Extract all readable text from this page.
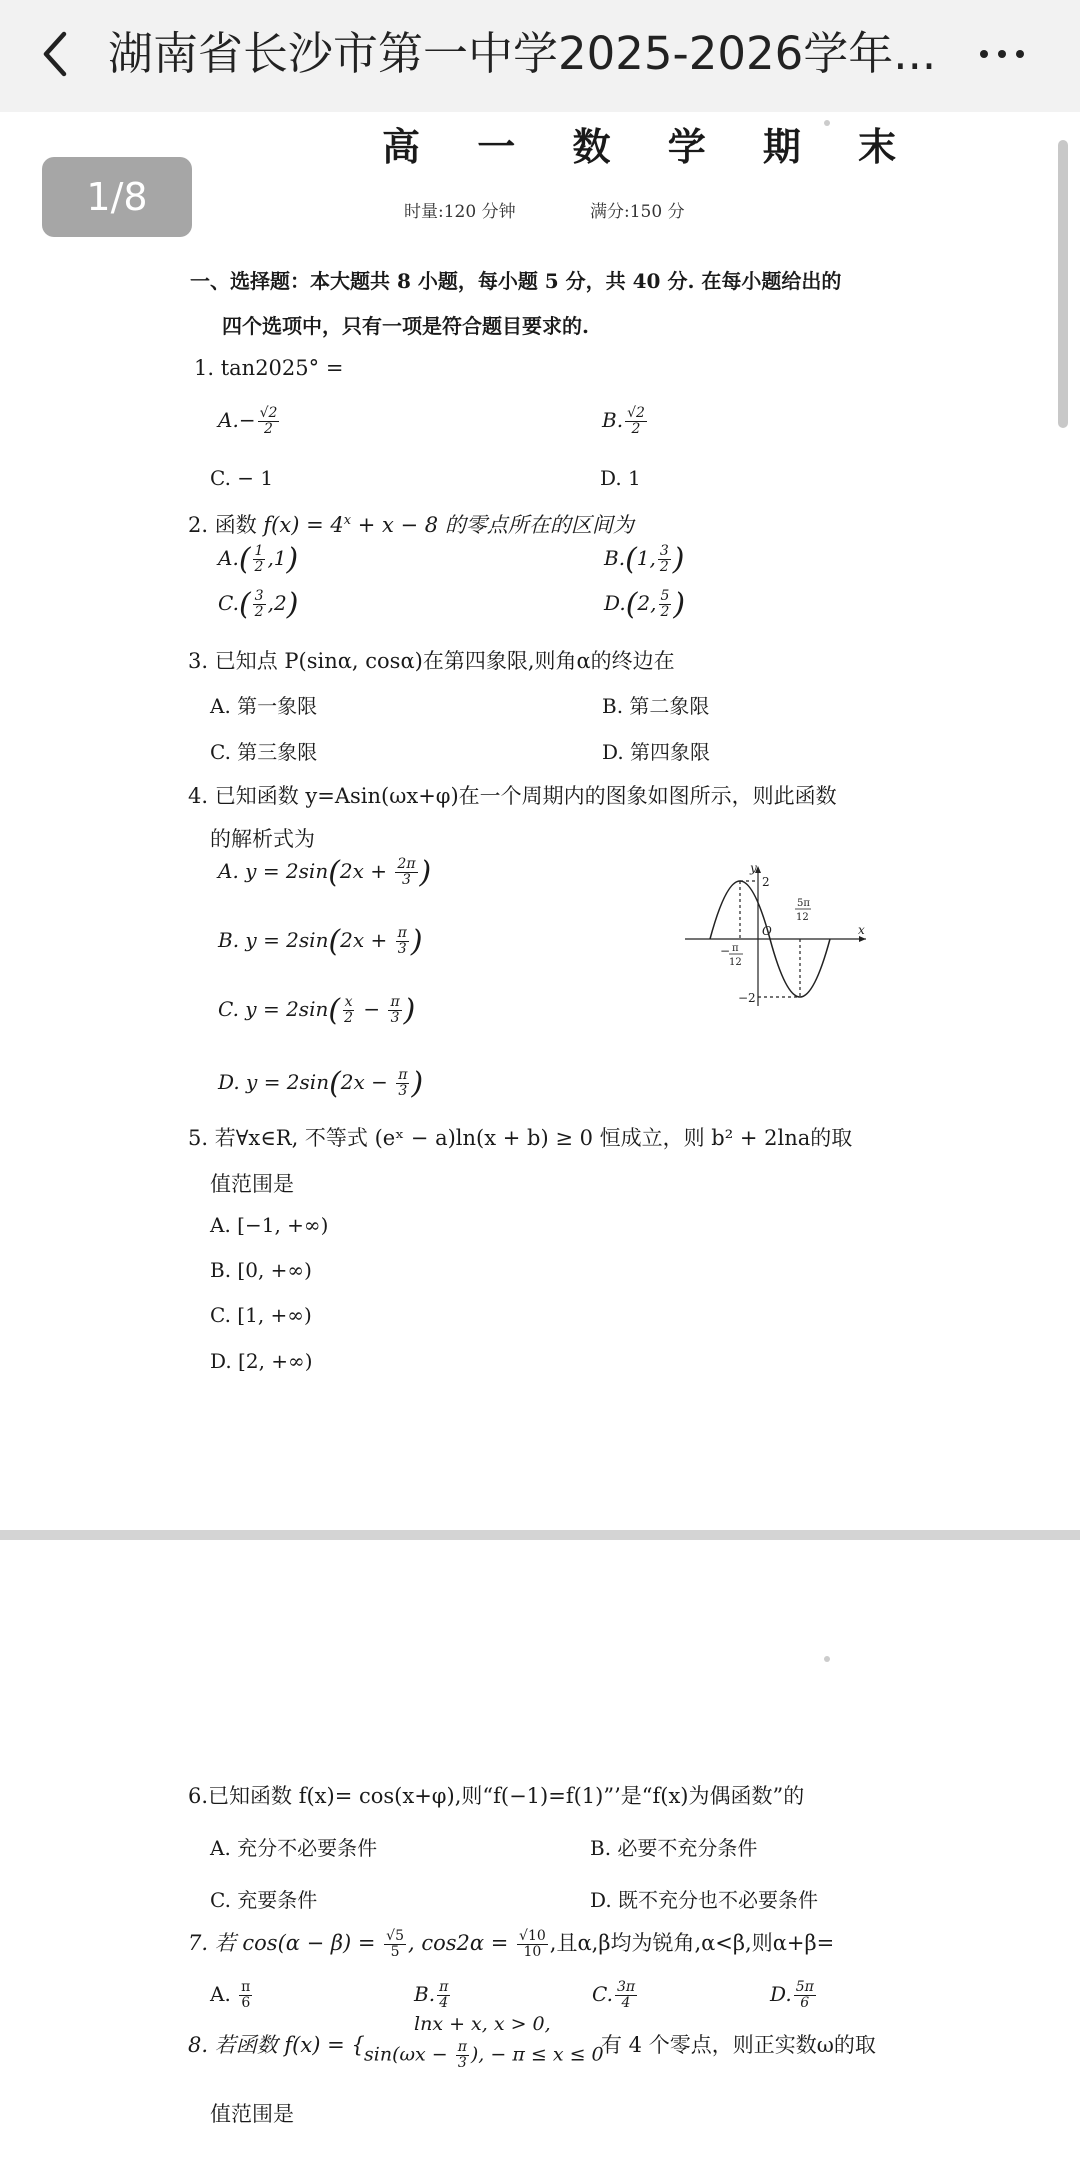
湖南省长沙市第一中学2025-2026学年...
高 一 数 学 期 末
时量:120 分钟	满分:150 分
一、选择题：本大题共 8 小题，每小题 5 分，共 40 分. 在每小题给出的
四个选项中，只有一项是符合题目要求的.
1. tan2025° =
$A.- \frac{√2}{2}$	B. $\frac{√2}{2}$
C. − 1	D. 1
2. 函数 $f(x) = 4^x + x - 8$ 的零点所在的区间为
$A.( \frac{1}{2} ,1)$	B.(1, $\frac{3}{2}$ )
$C.( \frac{3}{2} ,2)$	D.(2, $\frac{5}{2}$ )
3. 已知点 P(sinα, cosα)在第四象限,则角α的终边在
A. 第一象限	B. 第二象限
C. 第三象限	D. 第四象限
4. 已知函数 y=Asin(ωx+φ)在一个周期内的图象如图所示，则此函数
的解析式为
A. $y = 2\sin(2x + \frac{2\pi}{3}$ )
B. $y = 2\sin(2x + \frac{\pi}{3}$ )
C. $y = 2\sin( \frac{x}{2} - \frac{\pi}{3}$ )
D. $y = 2\sin(2x - \frac{\pi}{3}$ )
y
x
O
2
−2
− π
12
5π
12
5. 若∀x∈R, 不等式 (eˣ − a)ln(x + b) ≥ 0 恒成立，则 b² + 2lna的取
值范围是
A. [−1, +∞)
B. [0, +∞)
C. [1, +∞)
D. [2, +∞)
6.已知函数 f(x)= cos(x+φ),则“f(−1)=f(1)”’是“f(x)为偶函数”的
A. 充分不必要条件	B. 必要不充分条件
C. 充要条件	D. 既不充分也不必要条件
7. 若 $\cos(\alpha - \beta) = \frac{√5}{5}$ , $\cos 2\alpha = \frac{√10}{10}$ ,且α,β均为锐角,α<β,则α+β=
A. $\frac{\pi}{6}$	B. $\frac{\pi}{4}$	C. $\frac{3\pi}{4}$	D. $\frac{5\pi}{6}$
8. 若函数 f(x) = {
lnx + x, x > 0,
$\sin(\omega x - \frac{\pi}{3}$ ), − π ≤ x ≤ 0
有 4 个零点，则正实数ω的取
值范围是
1/8
